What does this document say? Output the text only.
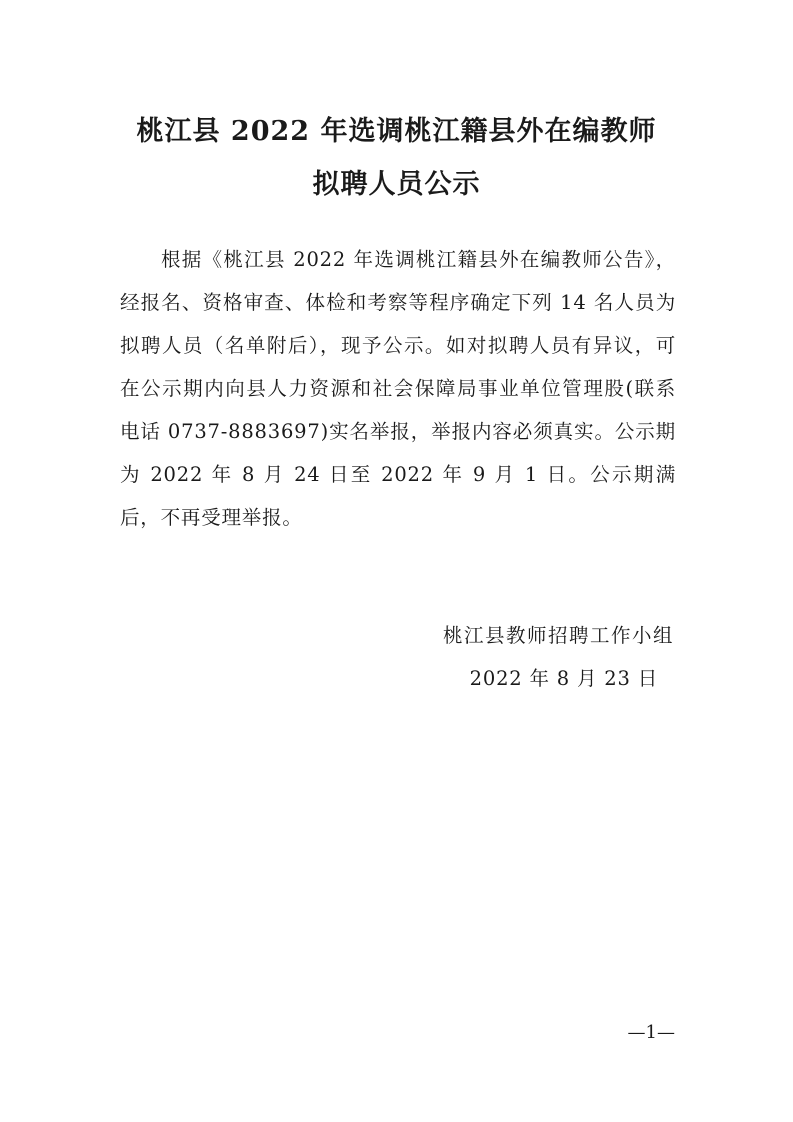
桃江县 2022 年选调桃江籍县外在编教师
拟聘人员公示

根据《桃江县 2022 年选调桃江籍县外在编教师公告》，经报名、资格审查、体检和考察等程序确定下列 14 名人员为拟聘人员（名单附后），现予公示。如对拟聘人员有异议，可在公示期内向县人力资源和社会保障局事业单位管理股(联系电话 0737-8883697)实名举报，举报内容必须真实。公示期为 2022 年 8 月 24 日至 2022 年 9 月 1 日。公示期满后，不再受理举报。

桃江县教师招聘工作小组
2022 年 8 月 23 日
—1—
